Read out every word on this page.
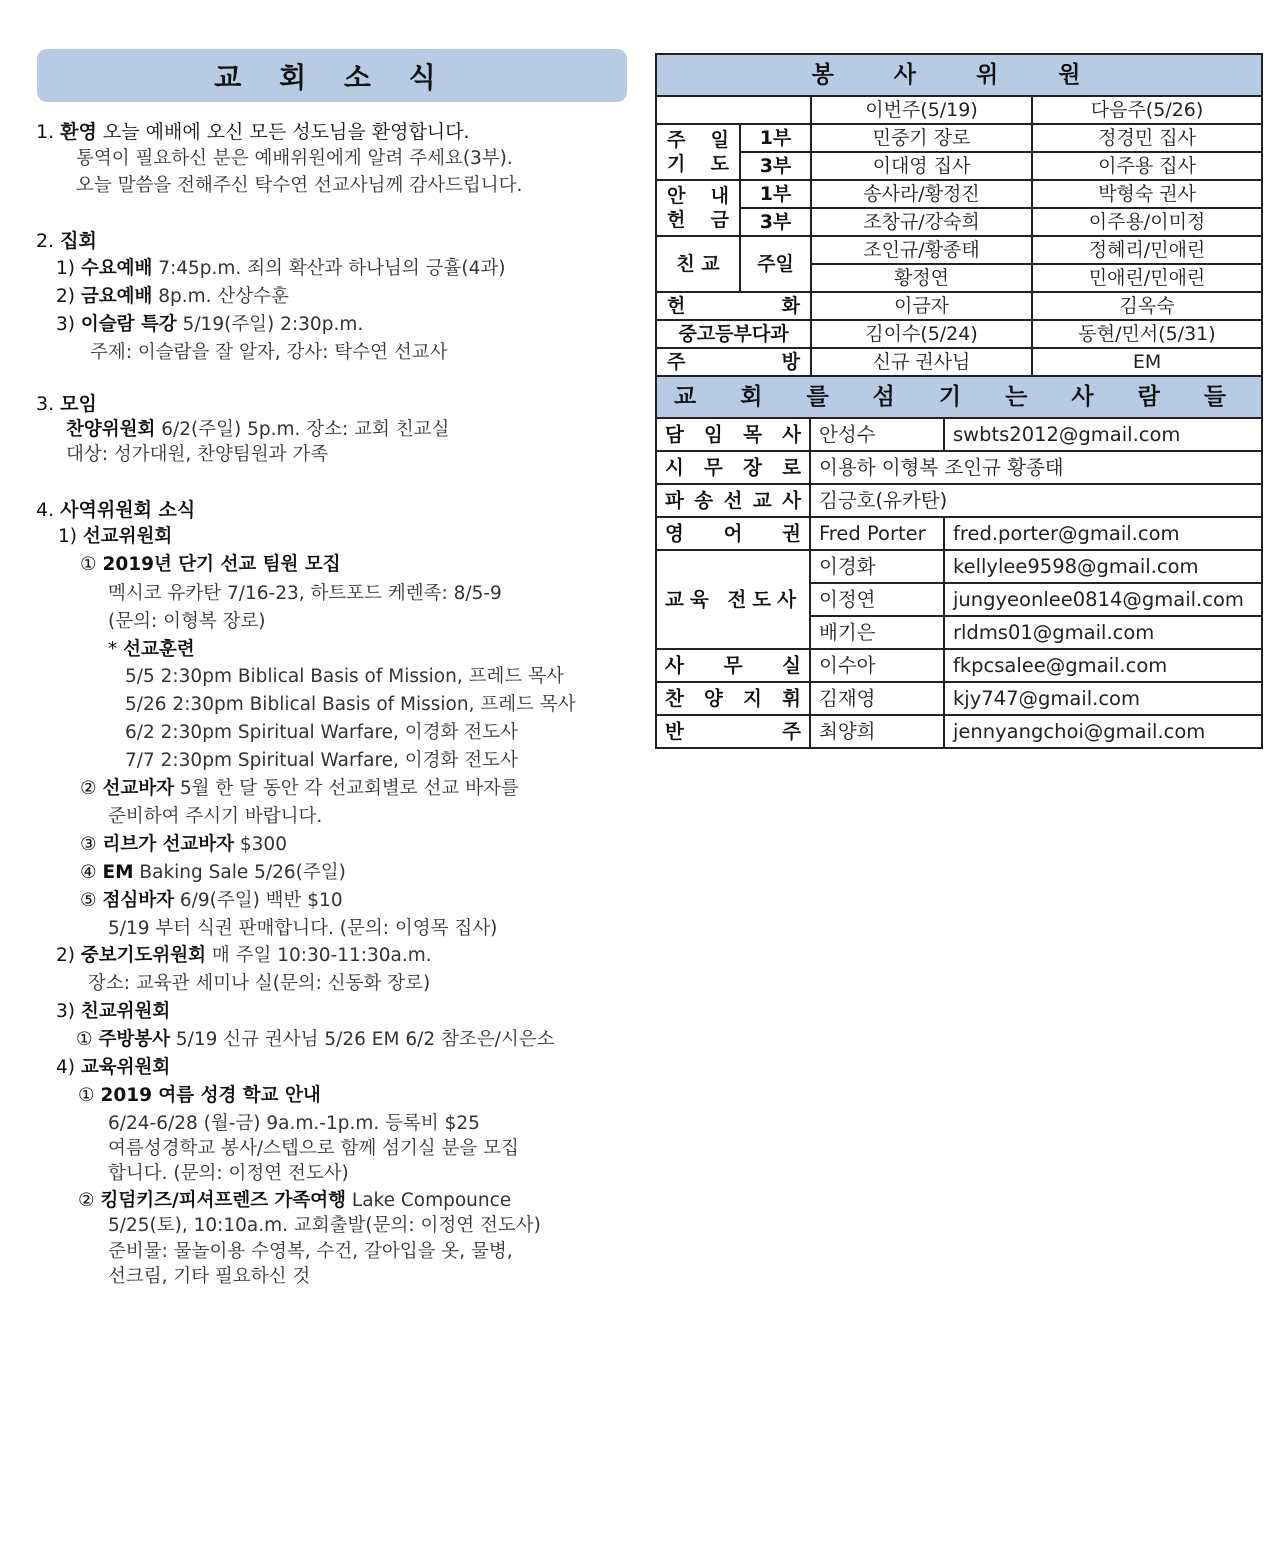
교 회 소 식
1. 환영 오늘 예배에 오신 모든 성도님을 환영합니다.
통역이 필요하신 분은 예배위원에게 알려 주세요(3부).
오늘 말씀을 전해주신 탁수연 선교사님께 감사드립니다.
2. 집회
1) 수요예배 7:45p.m. 죄의 확산과 하나님의 긍휼(4과)
2) 금요예배 8p.m. 산상수훈
3) 이슬람 특강 5/19(주일) 2:30p.m.
주제: 이슬람을 잘 알자, 강사: 탁수연 선교사
3. 모임
찬양위원회 6/2(주일) 5p.m. 장소: 교회 친교실
대상: 성가대원, 찬양팀원과 가족
4. 사역위원회 소식
1) 선교위원회
① 2019년 단기 선교 팀원 모집
멕시코 유카탄 7/16-23, 하트포드 케렌족: 8/5-9
(문의: 이형복 장로)
* 선교훈련
5/5 2:30pm Biblical Basis of Mission, 프레드 목사
5/26 2:30pm Biblical Basis of Mission, 프레드 목사
6/2 2:30pm Spiritual Warfare, 이경화 전도사
7/7 2:30pm Spiritual Warfare, 이경화 전도사
② 선교바자 5월 한 달 동안 각 선교회별로 선교 바자를
준비하여 주시기 바랍니다.
③ 리브가 선교바자 $300
④ EM Baking Sale 5/26(주일)
⑤ 점심바자 6/9(주일) 백반 $10
5/19 부터 식권 판매합니다. (문의: 이영목 집사)
2) 중보기도위원회 매 주일 10:30-11:30a.m.
장소: 교육관 세미나 실(문의: 신동화 장로)
3) 친교위원회
① 주방봉사 5/19 신규 권사님 5/26 EM 6/2 참조은/시은소
4) 교육위원회
① 2019 여름 성경 학교 안내
6/24-6/28 (월-금) 9a.m.-1p.m. 등록비 $25
여름성경학교 봉사/스텝으로 함께 섬기실 분을 모집
합니다. (문의: 이정연 전도사)
② 킹덤키즈/피셔프렌즈 가족여행 Lake Compounce
5/25(토), 10:10a.m. 교회출발(문의: 이정연 전도사)
준비물: 물놀이용 수영복, 수건, 갈아입을 옷, 물병,
선크림, 기타 필요하신 것
봉 사 위 원			
		이번주(5/19)	다음주(5/26)

주 일
기 도	1부	민중기 장로	정경민 집사
	3부	이대영 집사	이주용 집사

안 내
헌 금	1부	송사라/황정진	박형숙 권사
	3부	조창규/강숙희	이주용/이미정
친 교	주일	조인규/황종태	정혜리/민애린
		황정연	민애린/민애린

헌 화		이금자	김옥숙
중고등부다과		김이수(5/24)	동현/민서(5/31)

주 방		신규 권사님	EM
교 회 를 섬 기 는 사 람 들		

담 임 목 사	안성수	swbts2012@gmail.com

시 무 장 로	이용하 이형복 조인규 황종태	

파 송 선 교 사	김긍호(유카탄)	

영 어 권	Fred Porter	fred.porter@gmail.com
교육 전도사	이경화	kellylee9598@gmail.com
	이정연	jungyeonlee0814@gmail.com
	배기은	rldms01@gmail.com

사 무 실	이수아	fkpcsalee@gmail.com

찬 양 지 휘	김재영	kjy747@gmail.com

반 주	최양희	jennyangchoi@gmail.com
